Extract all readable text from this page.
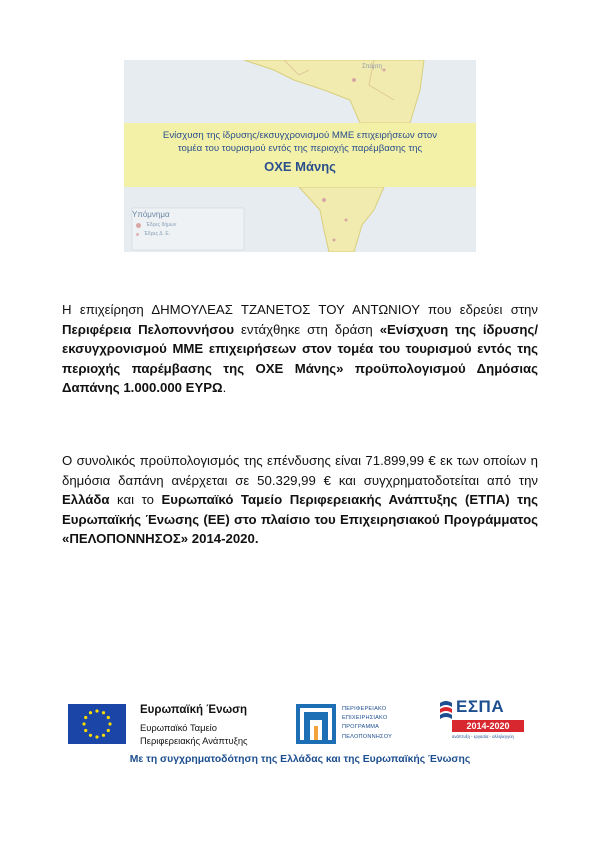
Σπάρτη
Ενίσχυση της ίδρυσης/εκσυγχρονισμού ΜΜΕ επιχειρήσεων στον
τομέα του τουρισμού εντός της περιοχής παρέμβασης της
ΟΧΕ Μάνης
Υπόμνημα
Έδρες δήμων
Έδρες Δ. Ε.

Η επιχείρηση ΔΗΜΟΥΛΕΑΣ ΤΖΑΝΕΤΟΣ ΤΟΥ ΑΝΤΩΝΙΟΥ που εδρεύει στην Περιφέρεια Πελοποννήσου εντάχθηκε στη δράση «Ενίσχυση της ίδρυσης/εκσυγχρονισμού ΜΜΕ επιχειρήσεων στον τομέα του τουρισμού εντός της περιοχής παρέμβασης της ΟΧΕ Μάνης» προϋπολογισμού Δημόσιας Δαπάνης 1.000.000 ΕΥΡΩ.

Ο συνολικός προϋπολογισμός της επένδυσης είναι 71.899,99 € εκ των οποίων η δημόσια δαπάνη ανέρχεται σε 50.329,99 € και συγχρηματοδοτείται από την Ελλάδα και το Ευρωπαϊκό Ταμείο Περιφερειακής Ανάπτυξης (ΕΤΠΑ) της Ευρωπαϊκής Ένωσης (ΕΕ) στο πλαίσιο του Επιχειρησιακού Προγράμματος «ΠΕΛΟΠΟΝΝΗΣΟΣ» 2014-2020.

Ευρωπαϊκή Ένωση
Ευρωπαϊκό Ταμείο
Περιφερειακής Ανάπτυξης
ΠΕΡΙΦΕΡΕΙΑΚΟ
ΕΠΙΧΕΙΡΗΣΙΑΚΟ
ΠΡΟΓΡΑΜΜΑ
ΠΕΛΟΠΟΝΝΗΣΟΥ
ΕΣΠΑ
2014-2020
ανάπτυξη - εργασία - αλληλεγγύη
Με τη συγχρηματοδότηση της Ελλάδας και της Ευρωπαϊκής Ένωσης
